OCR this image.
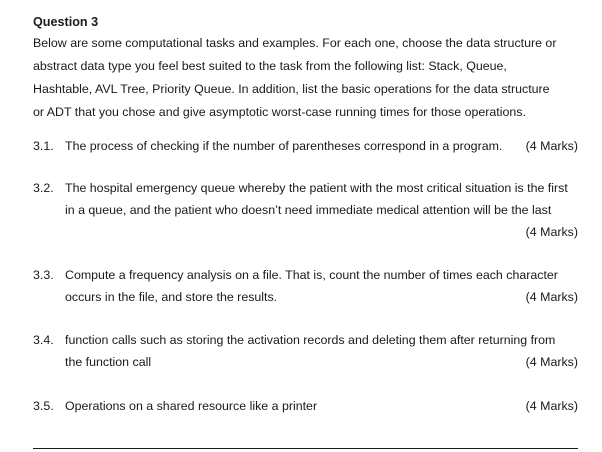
Question 3

Below are some computational tasks and examples. For each one, choose the data structure or
abstract data type you feel best suited to the task from the following list: Stack, Queue,
Hashtable, AVL Tree, Priority Queue. In addition, list the basic operations for the data structure
or ADT that you chose and give asymptotic worst-case running times for those operations.

3.1. The process of checking if the number of parentheses correspond in a program.	(4 Marks)
3.2. The hospital emergency queue whereby the patient with the most critical situation is the first
in a queue, and the patient who doesn’t need immediate medical attention will be the last
(4 Marks)
3.3. Compute a frequency analysis on a file. That is, count the number of times each character
occurs in the file, and store the results.	(4 Marks)
3.4. function calls such as storing the activation records and deleting them after returning from
the function call	(4 Marks)
3.5. Operations on a shared resource like a printer	(4 Marks)
